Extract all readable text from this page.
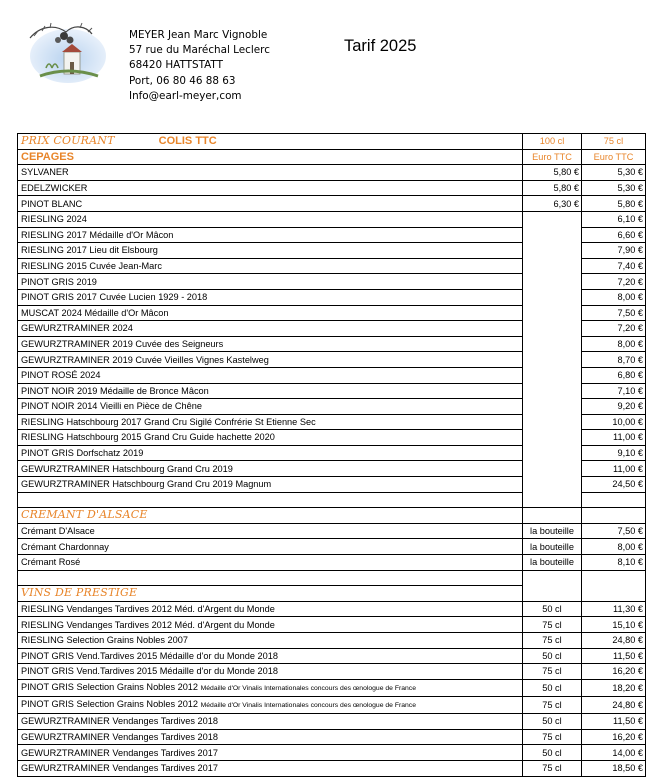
MEYER Jean Marc Vignoble
57 rue du Maréchal Leclerc
68420 HATTSTATT
Port, 06 80 46 88 63
Info@earl-meyer,com
Tarif 2025
PRIX COURANT COLIS TTC	100 cl	75 cl
CEPAGES	Euro TTC	Euro TTC
SYLVANER	5,80 €	5,30 €
EDELZWICKER	5,80 €	5,30 €
PINOT BLANC	6,30 €	5,80 €
RIESLING 2024		6,10 €
RIESLING 2017 Médaille d'Or Mâcon		6,60 €
RIESLING 2017 Lieu dit Elsbourg		7,90 €
RIESLING 2015 Cuvée Jean-Marc		7,40 €
PINOT GRIS 2019		7,20 €
PINOT GRIS 2017 Cuvée Lucien 1929 - 2018		8,00 €
MUSCAT 2024 Médaille d'Or Mâcon		7,50 €
GEWURZTRAMINER 2024		7,20 €
GEWURZTRAMINER 2019 Cuvée des Seigneurs		8,00 €
GEWURZTRAMINER 2019 Cuvée Vieilles Vignes Kastelweg		8,70 €
PINOT ROSÉ 2024		6,80 €
PINOT NOIR 2019 Médaille de Bronce Mâcon		7,10 €
PINOT NOIR 2014 Vieilli en Pièce de Chêne		9,20 €
RIESLING Hatschbourg 2017 Grand Cru Sigilé Confrérie St Etienne Sec		10,00 €
RIESLING Hatschbourg 2015 Grand Cru Guide hachette 2020		11,00 €
PINOT GRIS Dorfschatz 2019		9,10 €
GEWURZTRAMINER Hatschbourg Grand Cru 2019		11,00 €
GEWURZTRAMINER Hatschbourg Grand Cru 2019 Magnum		24,50 €

CREMANT D'ALSACE		
Crémant D'Alsace	la bouteille	7,50 €
Crémant Chardonnay	la bouteille	8,00 €
Crémant Rosé	la bouteille	8,10 €

VINS DE PRESTIGE		
RIESLING Vendanges Tardives 2012 Méd. d'Argent du Monde	50 cl	11,30 €
RIESLING Vendanges Tardives 2012 Méd. d'Argent du Monde	75 cl	15,10 €
RIESLING Selection Grains Nobles 2007	75 cl	24,80 €
PINOT GRIS Vend.Tardives 2015 Médaille d'or du Monde 2018	50 cl	11,50 €
PINOT GRIS Vend.Tardives 2015 Médaille d'or du Monde 2018	75 cl	16,20 €
PINOT GRIS Selection Grains Nobles 2012 Médaille d'Or Vinalis Internationales concours des œnologue de France	50 cl	18,20 €
PINOT GRIS Selection Grains Nobles 2012 Médaille d'Or Vinalis Internationales concours des œnologue de France	75 cl	24,80 €
GEWURZTRAMINER Vendanges Tardives 2018	50 cl	11,50 €
GEWURZTRAMINER Vendanges Tardives 2018	75 cl	16,20 €
GEWURZTRAMINER Vendanges Tardives 2017	50 cl	14,00 €
GEWURZTRAMINER Vendanges Tardives 2017	75 cl	18,50 €
